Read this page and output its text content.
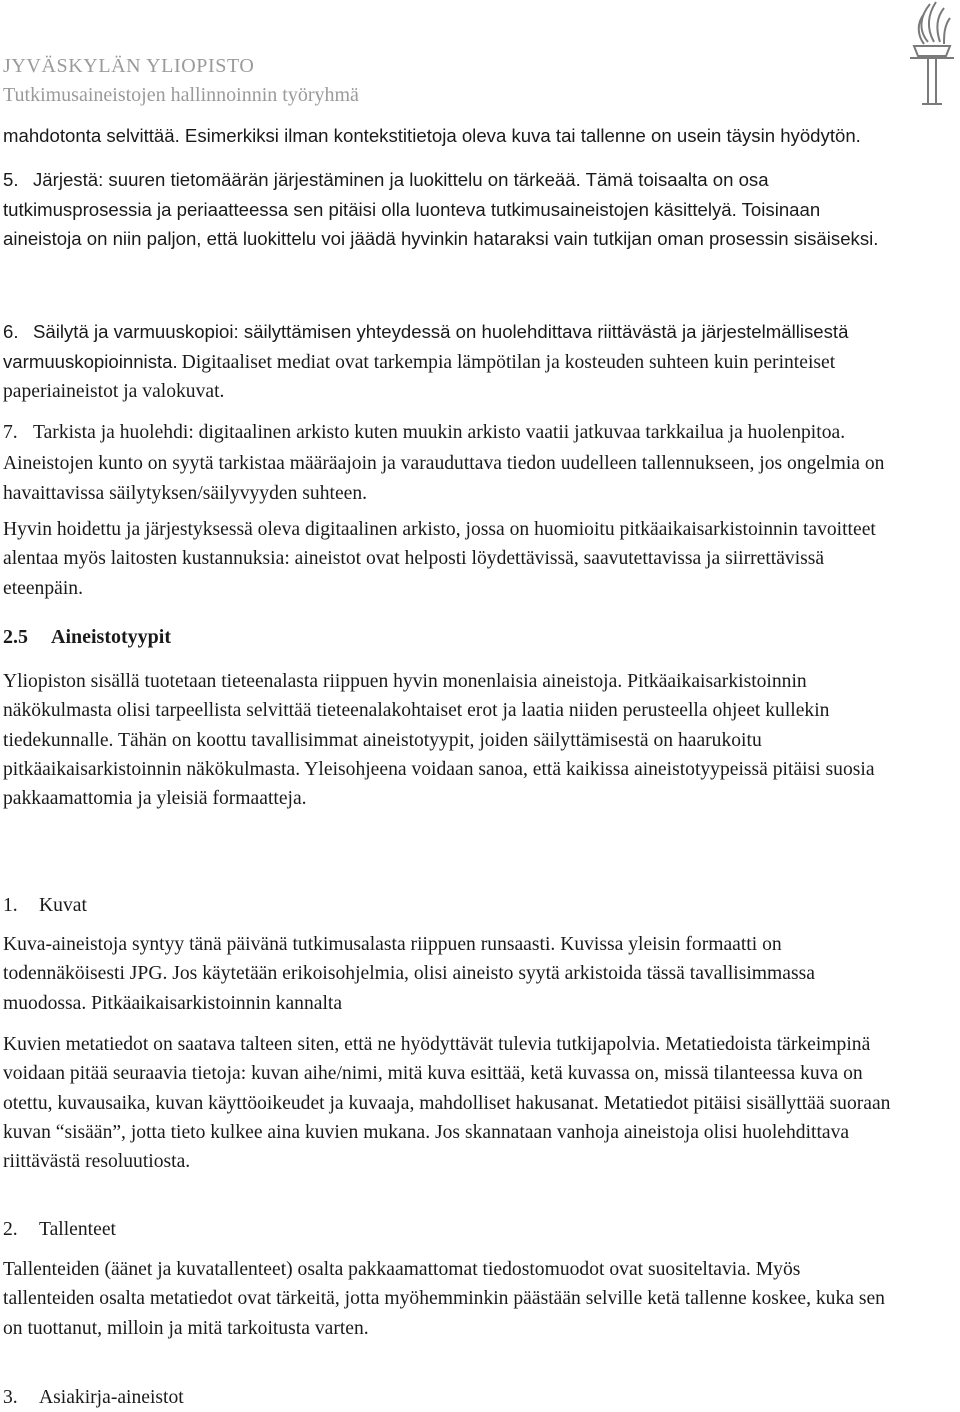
JYVÄSKYLÄN YLIOPISTO
Tutkimusaineistojen hallinnoinnin työryhmä

mahdotonta selvittää. Esimerkiksi ilman kontekstitietoja oleva kuva tai tallenne on usein täysin hyödytön.

5. Järjestä: suuren tietomäärän järjestäminen ja luokittelu on tärkeää. Tämä toisaalta on osa tutkimusprosessia ja periaatteessa sen pitäisi olla luonteva tutkimusaineistojen käsittelyä. Toisinaan aineistoja on niin paljon, että luokittelu voi jäädä hyvinkin hataraksi vain tutkijan oman prosessin sisäiseksi.

6. Säilytä ja varmuuskopioi: säilyttämisen yhteydessä on huolehdittava riittävästä ja järjestelmällisestä varmuuskopioinnista. Digitaaliset mediat ovat tarkempia lämpötilan ja kosteuden suhteen kuin perinteiset paperiaineistot ja valokuvat.

7. Tarkista ja huolehdi: digitaalinen arkisto kuten muukin arkisto vaatii jatkuvaa tarkkailua ja huolenpitoa. Aineistojen kunto on syytä tarkistaa määräajoin ja varauduttava tiedon uudelleen tallennukseen, jos ongelmia on havaittavissa säilytyksen/säilyvyyden suhteen.

Hyvin hoidettu ja järjestyksessä oleva digitaalinen arkisto, jossa on huomioitu pitkäaikaisarkistoinnin tavoitteet alentaa myös laitosten kustannuksia: aineistot ovat helposti löydettävissä, saavutettavissa ja siirrettävissä eteenpäin.

2.5 Aineistotyypit

Yliopiston sisällä tuotetaan tieteenalasta riippuen hyvin monenlaisia aineistoja. Pitkäaikaisarkistoinnin näkökulmasta olisi tarpeellista selvittää tieteenalakohtaiset erot ja laatia niiden perusteella ohjeet kullekin tiedekunnalle. Tähän on koottu tavallisimmat aineistotyypit, joiden säilyttämisestä on haarukoitu pitkäaikaisarkistoinnin näkökulmasta. Yleisohjeena voidaan sanoa, että kaikissa aineistotyypeissä pitäisi suosia pakkaamattomia ja yleisiä formaatteja.

1. Kuvat

Kuva-aineistoja syntyy tänä päivänä tutkimusalasta riippuen runsaasti. Kuvissa yleisin formaatti on todennäköisesti JPG. Jos käytetään erikoisohjelmia, olisi aineisto syytä arkistoida tässä tavallisimmassa muodossa. Pitkäaikaisarkistoinnin kannalta

Kuvien metatiedot on saatava talteen siten, että ne hyödyttävät tulevia tutkijapolvia. Metatiedoista tärkeimpinä voidaan pitää seuraavia tietoja: kuvan aihe/nimi, mitä kuva esittää, ketä kuvassa on, missä tilanteessa kuva on otettu, kuvausaika, kuvan käyttöoikeudet ja kuvaaja, mahdolliset hakusanat. Metatiedot pitäisi sisällyttää suoraan kuvan “sisään”, jotta tieto kulkee aina kuvien mukana. Jos skannataan vanhoja aineistoja olisi huolehdittava riittävästä resoluutiosta.

2. Tallenteet

Tallenteiden (äänet ja kuvatallenteet) osalta pakkaamattomat tiedostomuodot ovat suositeltavia. Myös tallenteiden osalta metatiedot ovat tärkeitä, jotta myöhemminkin päästään selville ketä tallenne koskee, kuka sen on tuottanut, milloin ja mitä tarkoitusta varten.

3. Asiakirja-aineistot
